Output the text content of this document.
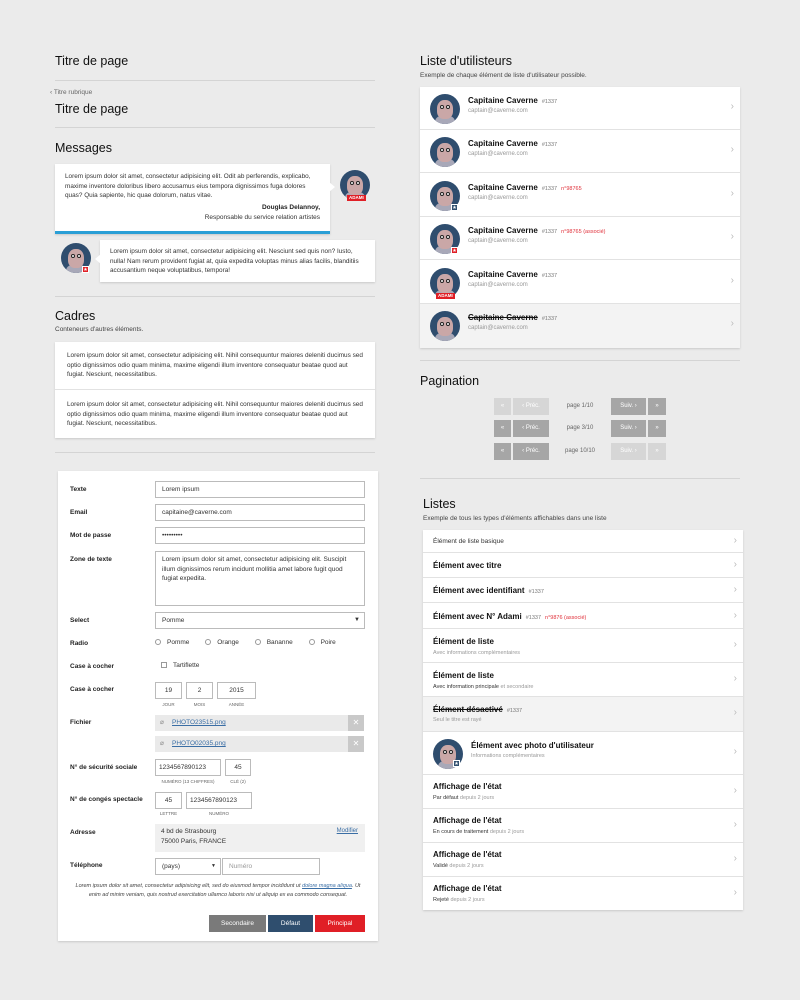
Titre de page
‹ Titre rubrique
Titre de page
Messages
Lorem ipsum dolor sit amet, consectetur adipisicing elit. Odit ab perferendis, explicabo, maxime inventore doloribus libero accusamus eius tempora dignissimos fuga dolores quas? Quia sapiente, hic quae dolorum, natus vitae.
Douglas Delannoy,
Responsable du service relation artistes
ADAMI
Lorem ipsum dolor sit amet, consectetur adipisicing elit. Nesciunt sed quis non? Iusto, nulla! Nam rerum provident fugiat at, quia expedita voluptas minus alias facilis, blanditiis accusantium neque voluptatibus, tempora!
★
Cadres
Conteneurs d'autres éléments.
Lorem ipsum dolor sit amet, consectetur adipisicing elit. Nihil consequuntur maiores deleniti ducimus sed optio dignissimos odio quam minima, maxime eligendi illum inventore consequatur beatae quod aut fugiat. Nesciunt, necessitatibus.
Lorem ipsum dolor sit amet, consectetur adipisicing elit. Nihil consequuntur maiores deleniti ducimus sed optio dignissimos odio quam minima, maxime eligendi illum inventore consequatur beatae quod aut fugiat. Nesciunt, necessitatibus.
Texte	Lorem ipsum
Email	capitaine@caverne.com
Mot de passe	•••••••••
Zone de texte	Lorem ipsum dolor sit amet, consectetur adipisicing elit. Suscipit illum dignissimos rerum incidunt mollitia amet labore fugit quod fugiat expedita.
Select	Pomme	▼
Radio	Pomme	Orange	Bananne	Poire
Case à cocher	Tartiflette
Case à cocher	19	2	2015
JOUR	MOIS	ANNÉE
Fichier	⌀ PHOTO23515.png	✕
⌀ PHOTO02035.png	✕
N° de sécurité sociale	1234567890123	45
NUMÉRO (13 CHIFFRES)	CLÉ (2)
N° de congés spectacle	45	1234567890123
LETTRE	NUMÉRO
Adresse	4 bd de Strasbourg
75000 Paris, FRANCE
Modifier
Téléphone	(pays)	▼	Numéro
Lorem ipsum dolor sit amet, consectetur adipisicing elit, sed do eiusmod tempor incididunt ut dolore magna aliqua. Ut enim ad minim veniam, quis nostrud exercitation ullamco laboris nisi ut aliquip ex ea commodo consequat.
Secondaire	Défaut	Principal
Liste d'utilisteurs
Exemple de chaque élément de liste d'utilisateur possible.
Capitaine Caverne #1337
captain@caverne.com	›
Capitaine Caverne #1337
captain@caverne.com	›
★
Capitaine Caverne #1337 n°98765
captain@caverne.com	›
★
Capitaine Caverne #1337 n°98765 (associé)
captain@caverne.com	›
ADAMI
Capitaine Caverne #1337
captain@caverne.com	›
Capitaine Caverne #1337
captain@caverne.com	›
Pagination
«	‹ Préc.	page 1/10	Suiv. ›	»
«	‹ Préc.	page 3/10	Suiv. ›	»
«	‹ Préc.	page 10/10	Suiv. ›	»
Listes
Exemple de tous les types d'éléments affichables dans une liste
Élément de liste basique	›
Élément avec titre	›
Élément avec identifiant #1337	›
Élément avec N° Adami #1337 n°9876 (associé)	›
Élément de liste
Avec informations complémentaires
›
Élément de liste
Avec information principale et secondaire
›
Élément désactivé #1337
Seul le titre est rayé
›
★
Élément avec photo d'utilisateur
Informations complémentaires	›
Affichage de l'état
Par défaut depuis 2 jours
›
Affichage de l'état
En cours de traitement depuis 2 jours
›
Affichage de l'état
Validé depuis 2 jours
›
Affichage de l'état
Rejeté depuis 2 jours
›
